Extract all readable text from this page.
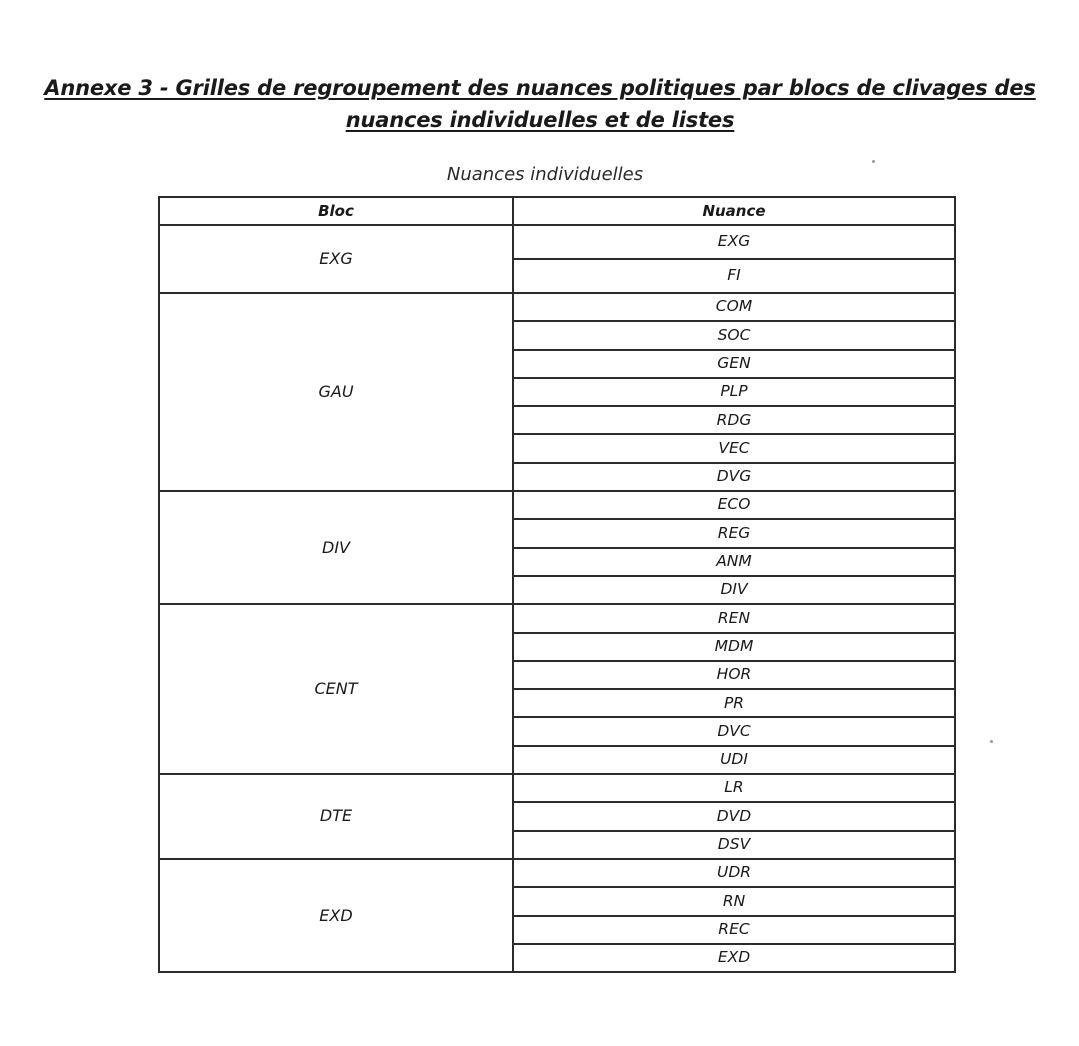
Annexe 3 - Grilles de regroupement des nuances politiques par blocs de clivages des
nuances individuelles et de listes
Nuances individuelles
Bloc	Nuance
EXG	EXG
	FI
GAU	COM
	SOC
	GEN
	PLP
	RDG
	VEC
	DVG
DIV	ECO
	REG
	ANM
	DIV
CENT	REN
	MDM
	HOR
	PR
	DVC
	UDI
DTE	LR
	DVD
	DSV
EXD	UDR
	RN
	REC
	EXD
